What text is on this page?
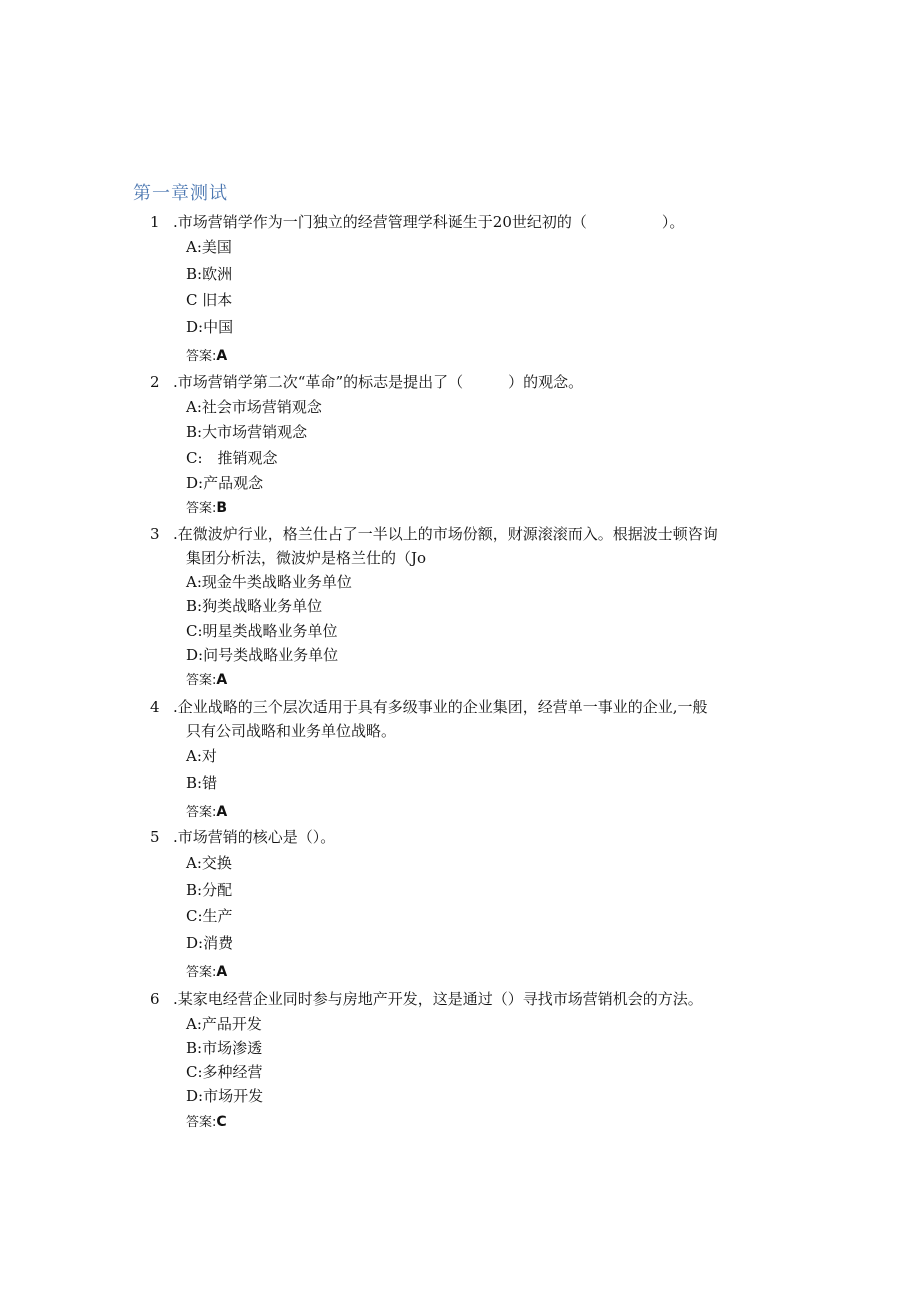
第一章测试
1 .市场营销学作为一门独立的经营管理学科诞生于20世纪初的（　　　　　）。
A:美国
B:欧洲
C 旧本
D:中国
答案:A
2 .市场营销学第二次“革命”的标志是提出了（　　　）的观念。
A:社会市场营销观念
B:大市场营销观念
C:　推销观念
D:产品观念
答案:B
3 .在微波炉行业，格兰仕占了一半以上的市场份额，财源滚滚而入。根据波士顿咨询
集团分析法，微波炉是格兰仕的（Jo
A:现金牛类战略业务单位
B:狗类战略业务单位
C:明星类战略业务单位
D:问号类战略业务单位
答案:A
4 .企业战略的三个层次适用于具有多级事业的企业集团，经营单一事业的企业,一般
只有公司战略和业务单位战略。
A:对
B:错
答案:A
5 .市场营销的核心是（）。
A:交换
B:分配
C:生产
D:消费
答案:A
6 .某家电经营企业同时参与房地产开发，这是通过（）寻找市场营销机会的方法。
A:产品开发
B:市场渗透
C:多种经营
D:市场开发
答案:C
